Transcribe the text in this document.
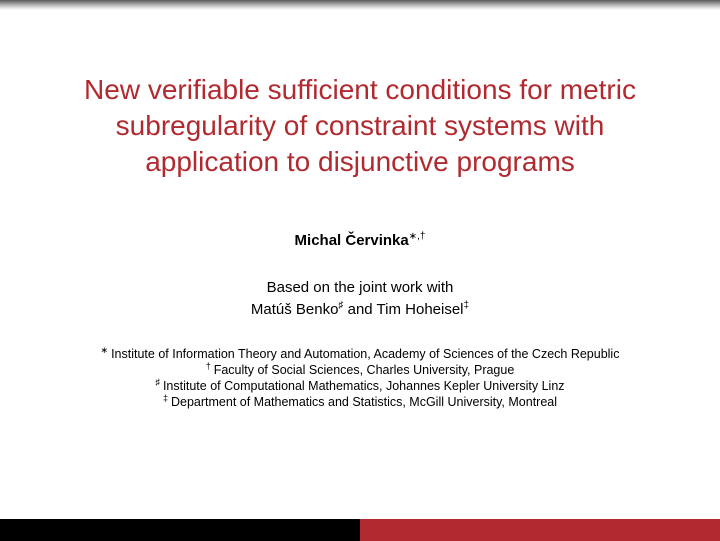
New verifiable sufficient conditions for metric
subregularity of constraint systems with
application to disjunctive programs
Michal Červinka∗,†
Based on the joint work with
Matúš Benko♯ and Tim Hoheisel‡
∗ Institute of Information Theory and Automation, Academy of Sciences of the Czech Republic
† Faculty of Social Sciences, Charles University, Prague
♯ Institute of Computational Mathematics, Johannes Kepler University Linz
‡ Department of Mathematics and Statistics, McGill University, Montreal
